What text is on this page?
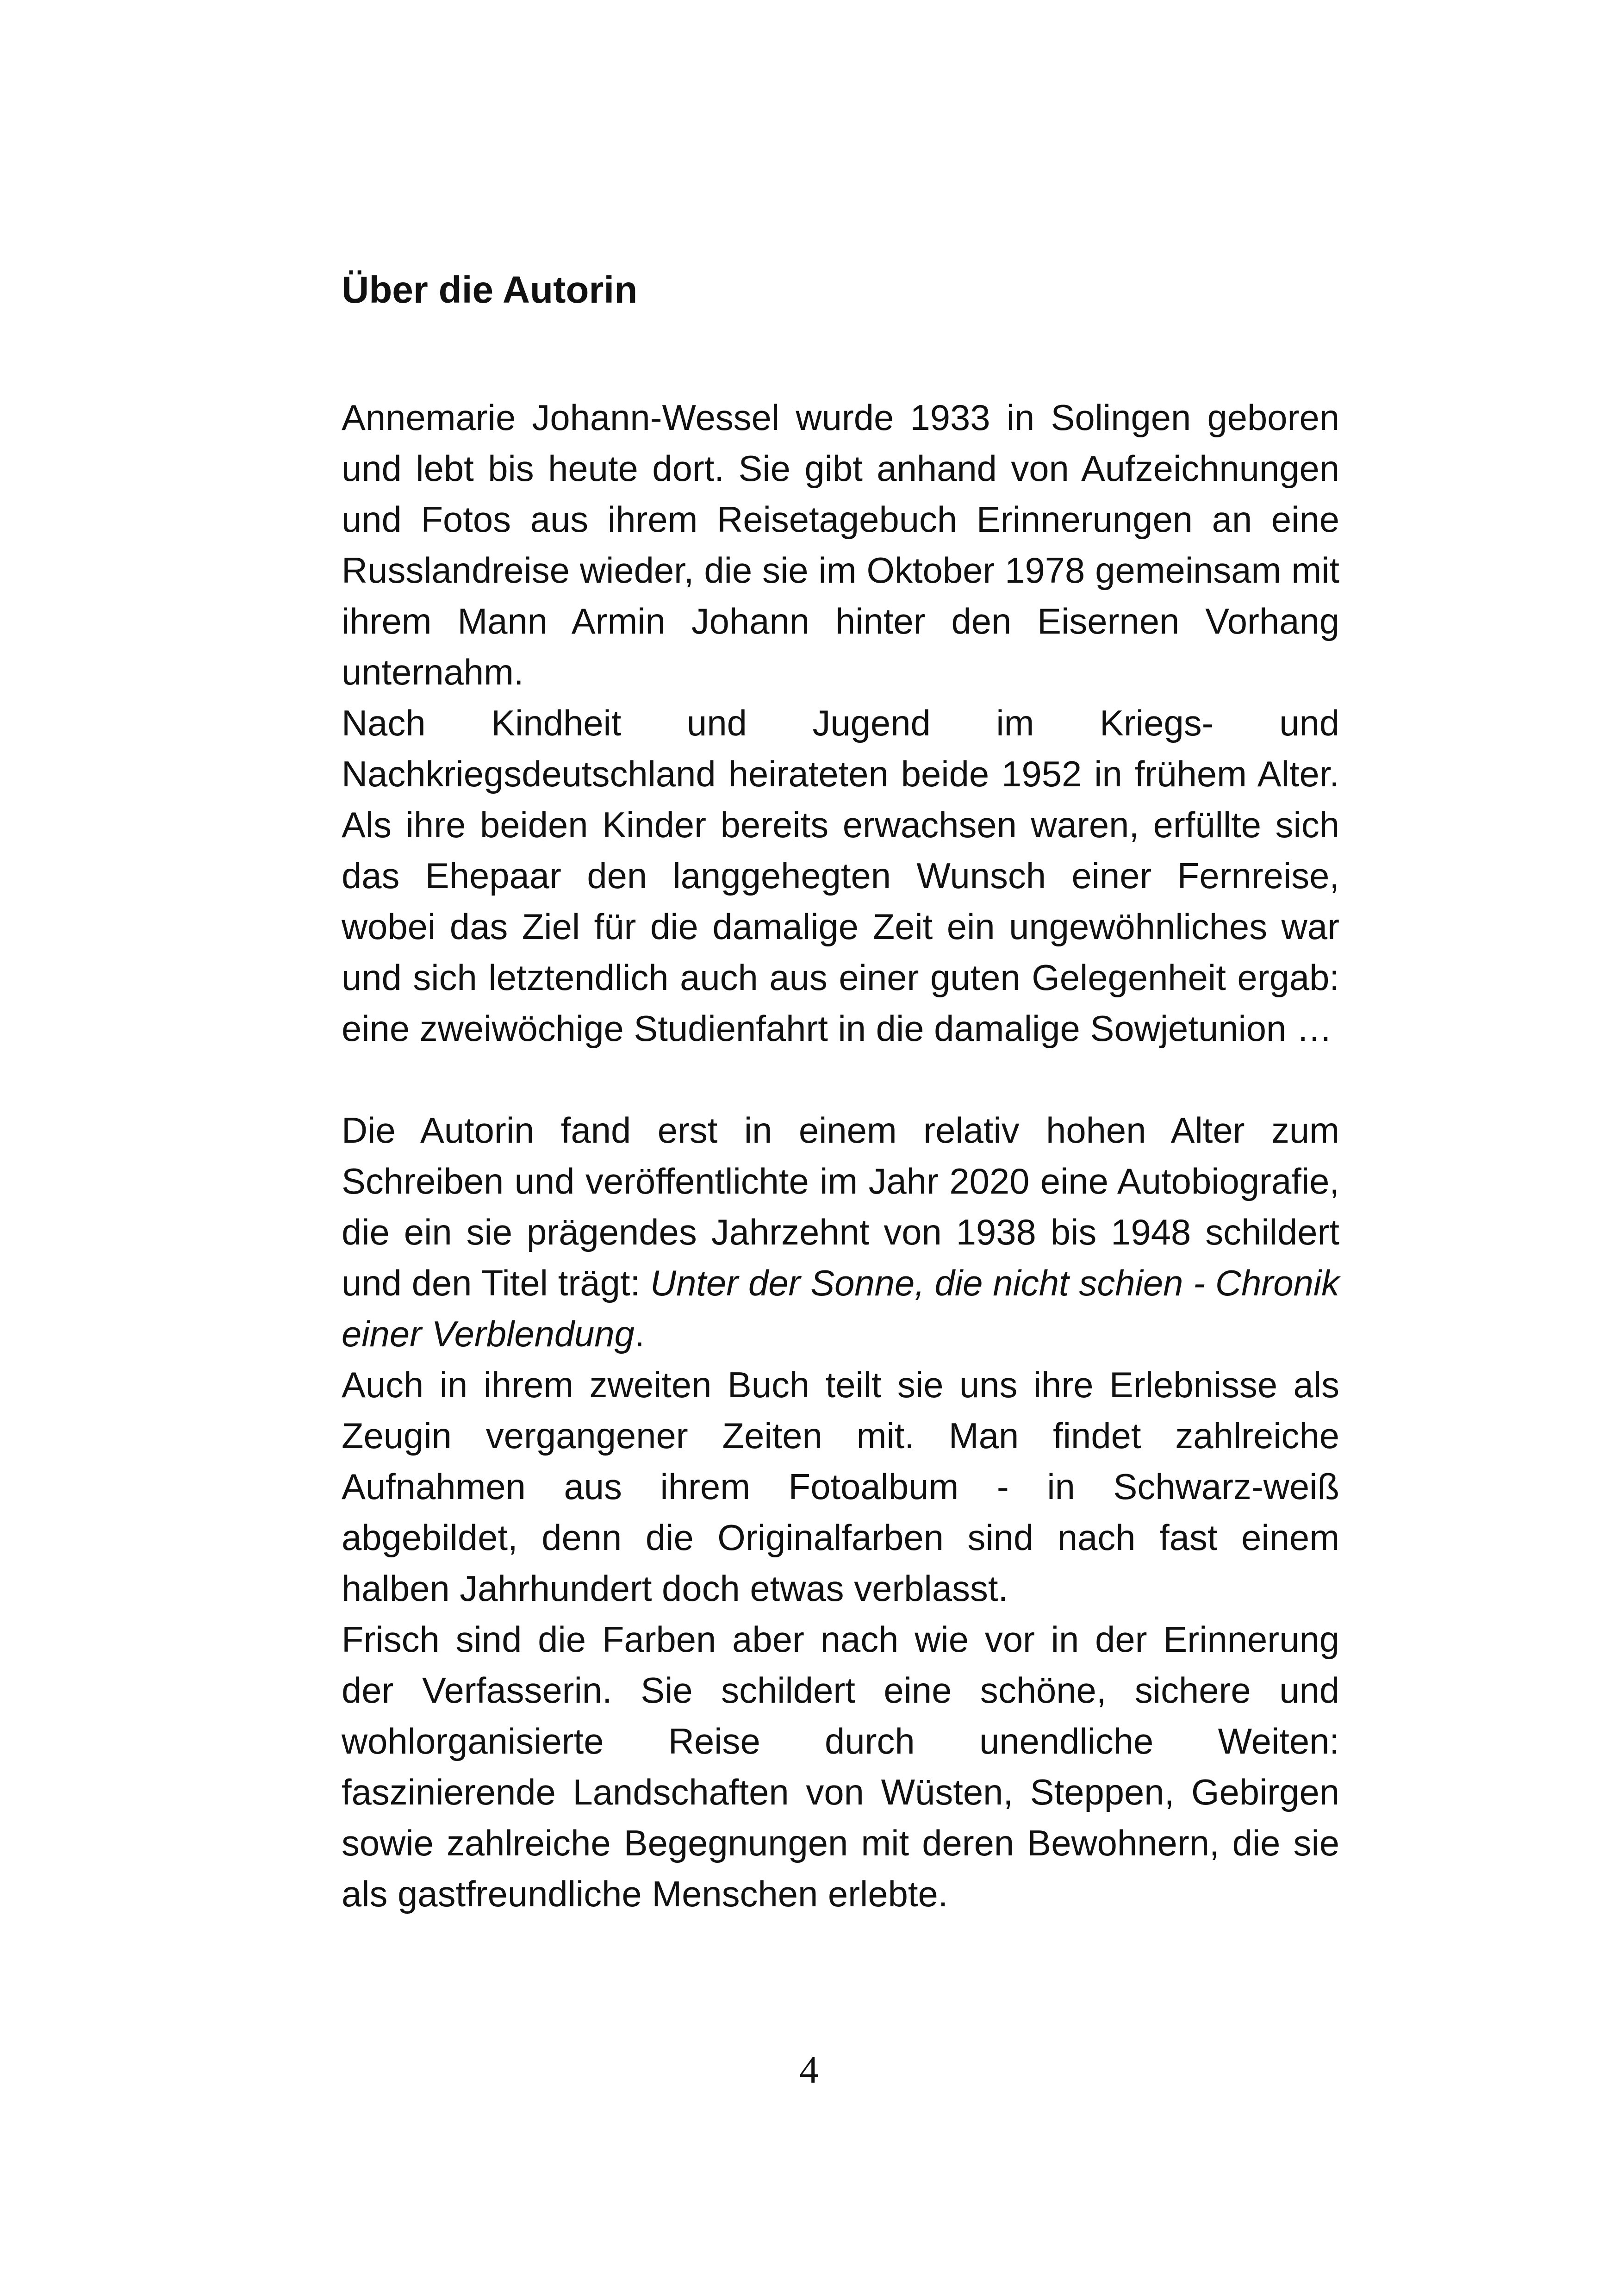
Über die Autorin

Annemarie Johann-Wessel wurde 1933 in Solingen geboren und lebt bis heute dort. Sie gibt anhand von Aufzeichnungen und Fotos aus ihrem Reisetagebuch Erinnerungen an eine Russlandreise wieder, die sie im Oktober 1978 gemeinsam mit ihrem Mann Armin Johann hinter den Eisernen Vorhang unternahm.

Nach Kindheit und Jugend im Kriegs- und Nachkriegsdeutschland heirateten beide 1952 in frühem Alter. Als ihre beiden Kinder bereits erwachsen waren, erfüllte sich das Ehepaar den langgehegten Wunsch einer Fernreise, wobei das Ziel für die damalige Zeit ein ungewöhnliches war und sich letztendlich auch aus einer guten Gelegenheit ergab: eine zweiwöchige Studienfahrt in die damalige Sowjetunion …

Die Autorin fand erst in einem relativ hohen Alter zum Schreiben und veröffentlichte im Jahr 2020 eine Autobiografie, die ein sie prägendes Jahrzehnt von 1938 bis 1948 schildert und den Titel trägt: Unter der Sonne, die nicht schien - Chronik einer Verblendung.

Auch in ihrem zweiten Buch teilt sie uns ihre Erlebnisse als Zeugin vergangener Zeiten mit. Man findet zahlreiche Aufnahmen aus ihrem Fotoalbum - in Schwarz-weiß abgebildet, denn die Originalfarben sind nach fast einem halben Jahrhundert doch etwas verblasst.

Frisch sind die Farben aber nach wie vor in der Erinnerung der Verfasserin. Sie schildert eine schöne, sichere und wohlorganisierte Reise durch unendliche Weiten: faszinierende Landschaften von Wüsten, Steppen, Gebirgen sowie zahlreiche Begegnungen mit deren Bewohnern, die sie als gastfreundliche Menschen erlebte.

4
